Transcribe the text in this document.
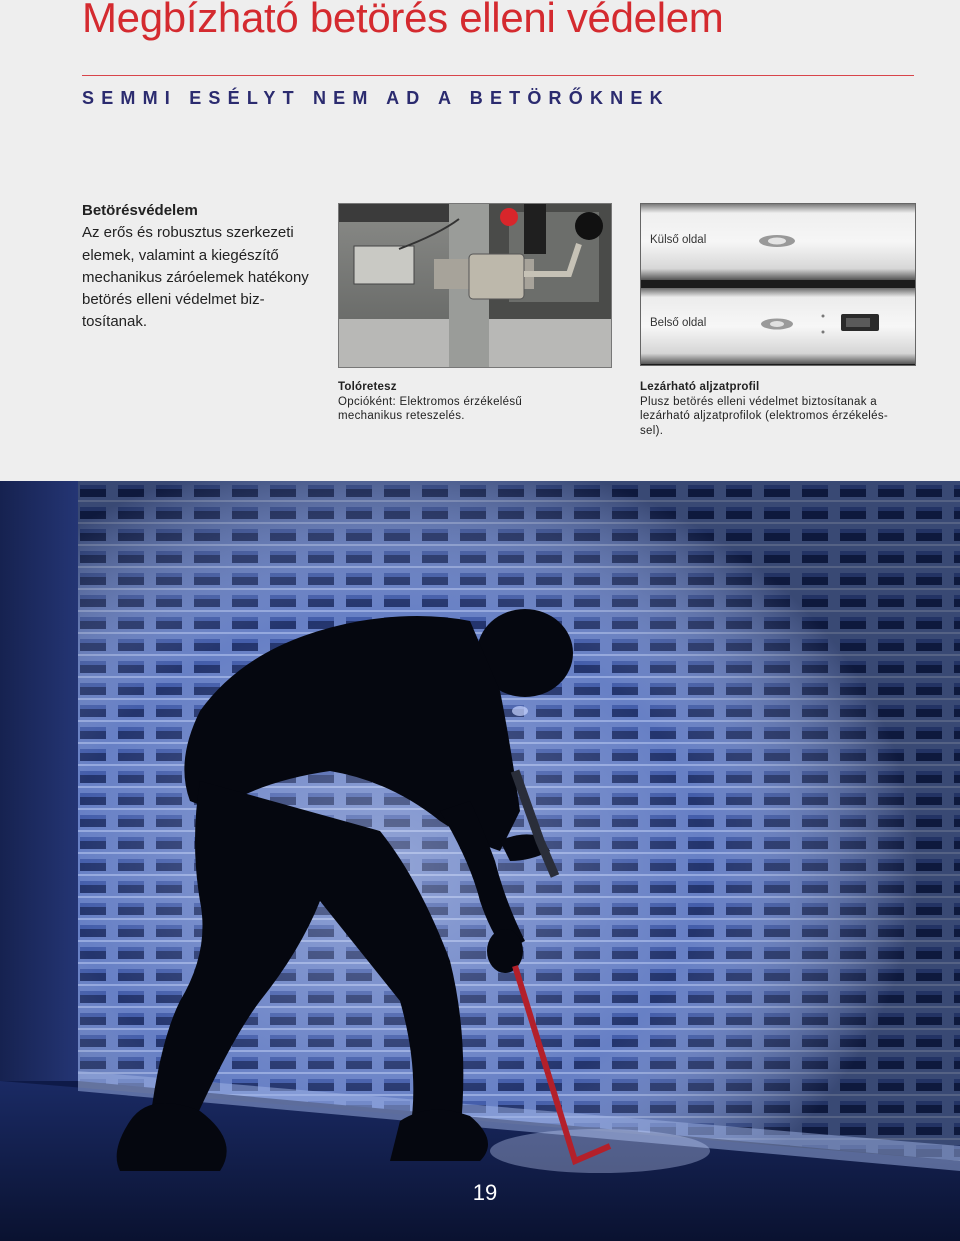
Megbízható betörés elleni védelem
SEMMI ESÉLYT NEM AD A BETÖRŐKNEK
Betörésvédelem
Az erős és robusztus szerkezeti
elemek, valamint a kiegészítő
mechanikus záróelemek hatékony
betörés elleni védelmet biz-
tosítanak.
Külső oldal
Belső oldal
Tolóretesz
Opcióként: Elektromos érzékelésű
mechanikus reteszelés.
Lezárható aljzatprofil
Plusz betörés elleni védelmet biztosítanak a
lezárható aljzatprofilok (elektromos érzékelés-
sel).
19
